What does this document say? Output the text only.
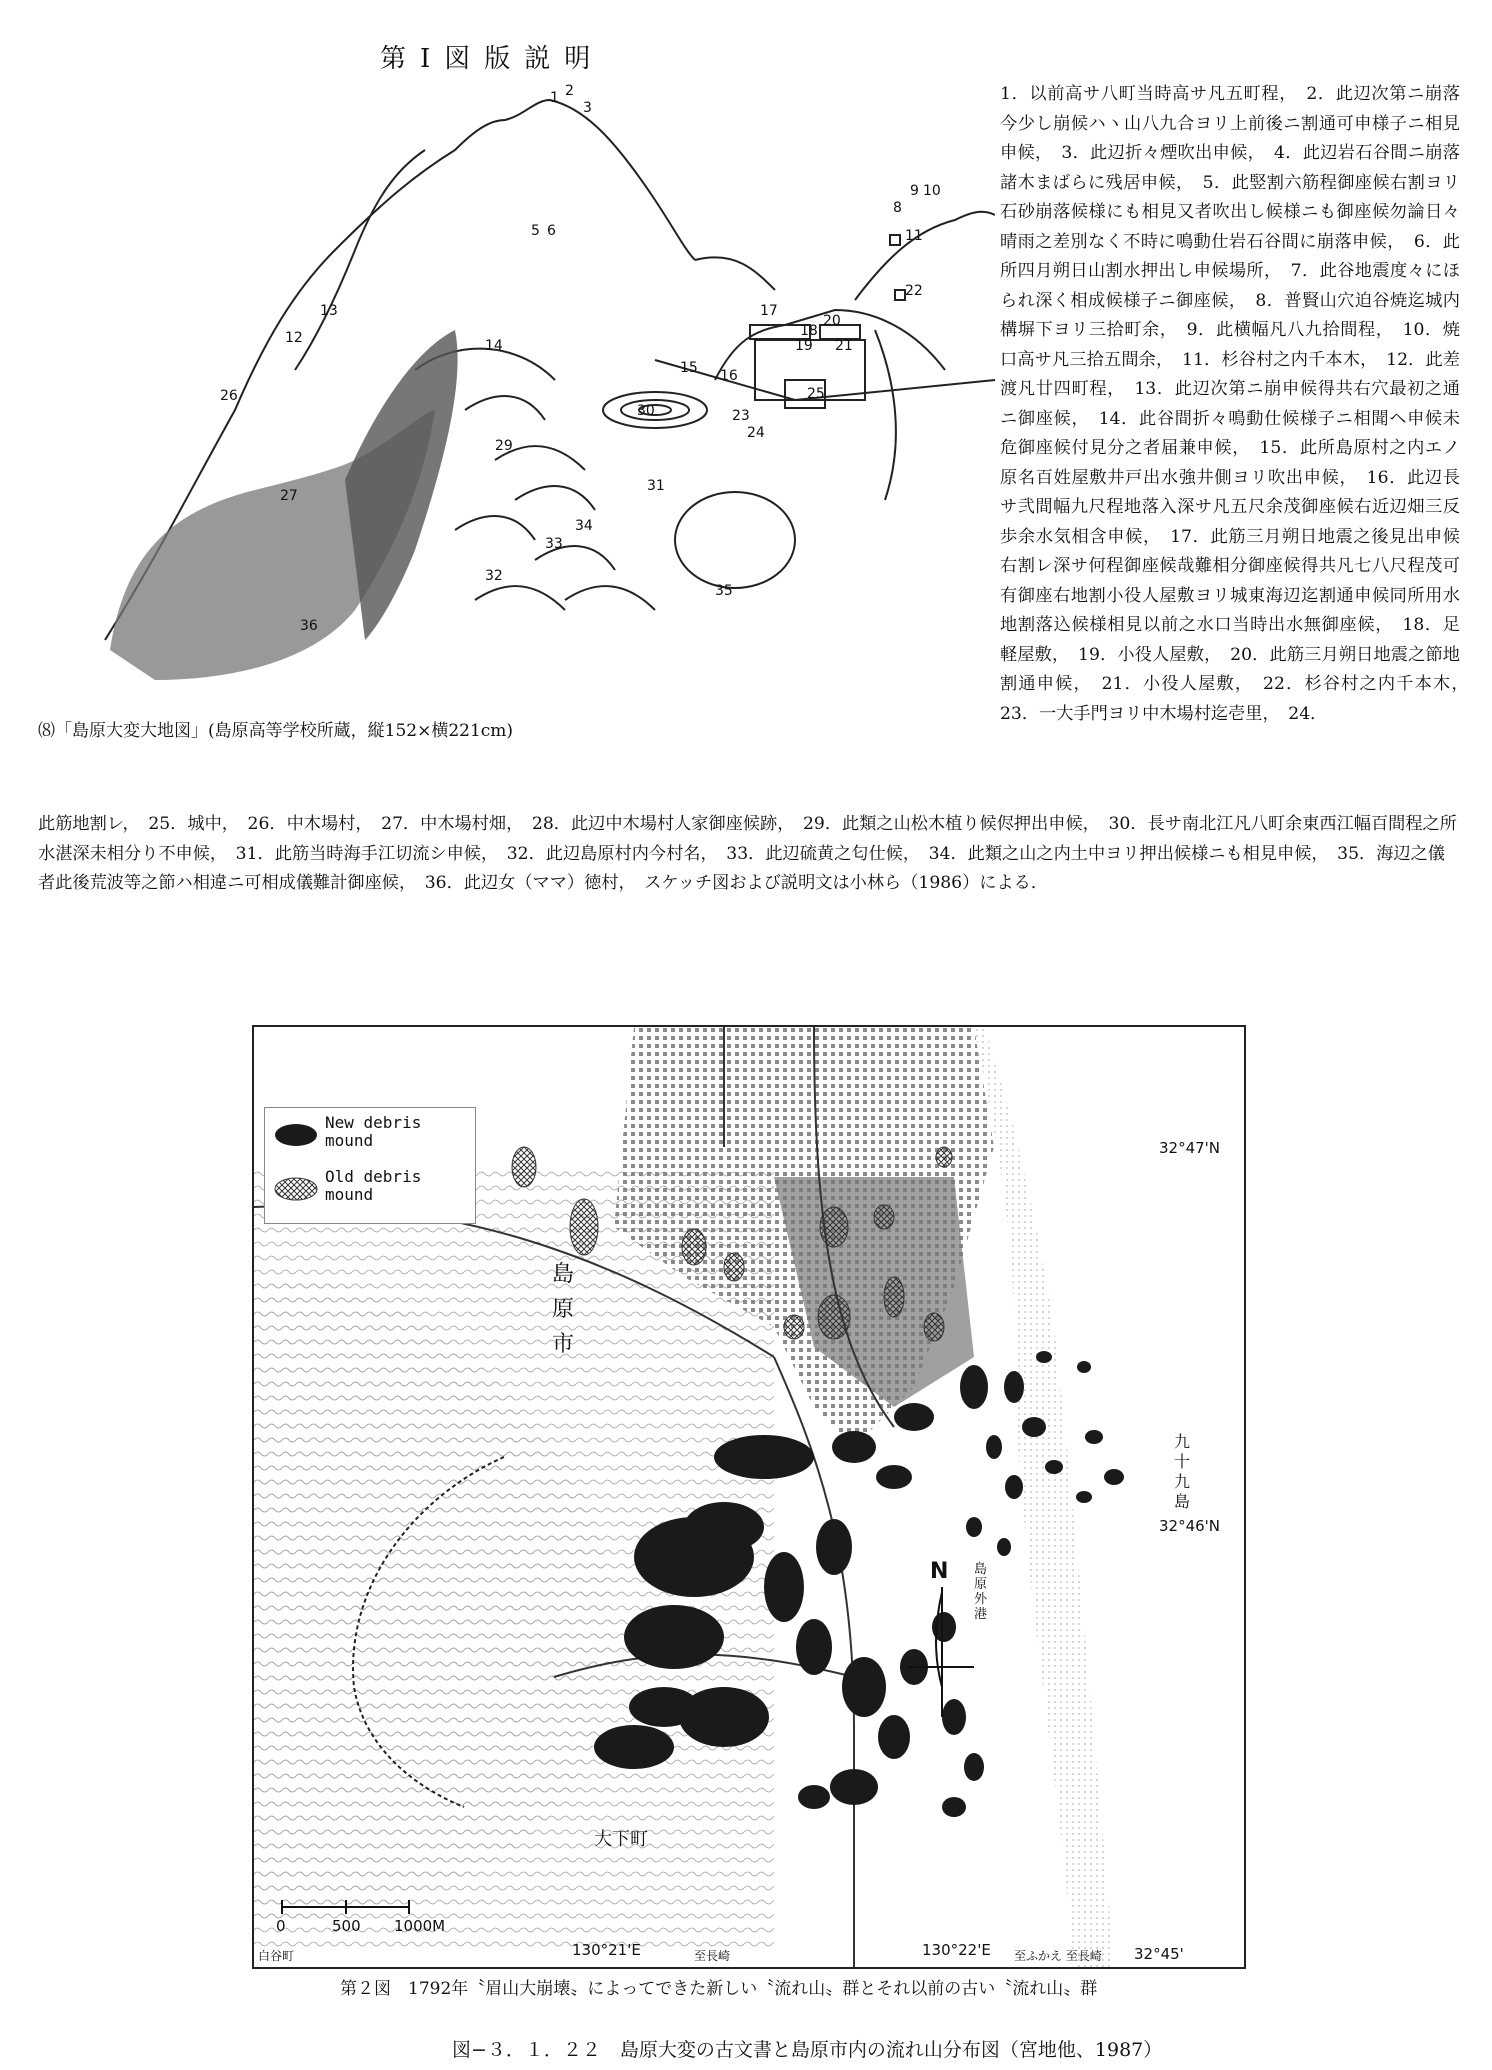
第Ⅰ図版説明
1 2
3
5 6
8
9 10
11
12
13
14
15 16
17
18
19
20
21
22
23
24
25
26
27
29
30
31
32
33
34
35
36
⑻「島原大変大地図」(島原高等学校所蔵，縦152×横221cm)
1．以前高サ八町当時高サ凡五町程，　2．此辺次第ニ崩落今少し崩候ハヽ山八九合ヨリ上前後ニ割通可申様子ニ相見申候，　3．此辺折々煙吹出申候，　4．此辺岩石谷間ニ崩落諸木まばらに残居申候，　5．此竪割六筋程御座候右割ヨリ石砂崩落候様にも相見又者吹出し候様ニも御座候勿論日々晴雨之差別なく不時に鳴動仕岩石谷間に崩落申候，　6．此所四月朔日山割水押出し申候場所，　7．此谷地震度々にほられ深く相成候様子ニ御座候，　8．普賢山穴迫谷焼迄城内構塀下ヨリ三拾町余，　9．此横幅凡八九拾間程，　10．焼口高サ凡三拾五間余，　11．杉谷村之内千本木，　12．此差渡凡廿四町程，　13．此辺次第ニ崩申候得共右穴最初之通ニ御座候，　14．此谷間折々鳴動仕候様子ニ相聞ヘ申候未危御座候付見分之者届兼申候，　15．此所島原村之内エノ原名百姓屋敷井戸出水強井側ヨリ吹出申候，　16．此辺長サ弐間幅九尺程地落入深サ凡五尺余茂御座候右近辺畑三反歩余水気相含申候，　17．此筋三月朔日地震之後見出申候右割レ深サ何程御座候哉難相分御座候得共凡七八尺程茂可有御座右地割小役人屋敷ヨリ城東海辺迄割通申候同所用水地割落込候様相見以前之水口当時出水無御座候，　18．足軽屋敷，　19．小役人屋敷，　20．此筋三月朔日地震之節地割通申候，　21．小役人屋敷，　22．杉谷村之内千本木，　23．一大手門ヨリ中木場村迄壱里，　24．
此筋地割レ，　25．城中，　26．中木場村，　27．中木場村畑，　28．此辺中木場村人家御座候跡，　29．此類之山松木植り候侭押出申候，　30．長サ南北江凡八町余東西江幅百間程之所水湛深未相分り不申候，　31．此筋当時海手江切流シ申候，　32．此辺島原村内今村名，　33．此辺硫黄之匂仕候，　34．此類之山之内土中ヨリ押出候様ニも相見申候，　35．海辺之儀者此後荒波等之節ハ相違ニ可相成儀難計御座候，　36．此辺女（ママ）徳村，　スケッチ図および説明文は小林ら（1986）による．
New debris
mound
Old debris
mound
32°47'N
32°46'N
32°45'
130°21'E	130°22'E
N
0	500 1000M
島
原
市
大下町
九
十
九
島
島原外港
至長崎	至ふかえ 至長崎
白谷町
第２図　1792年〝眉山大崩壊〟によってできた新しい〝流れ山〟群とそれ以前の古い〝流れ山〟群
図−３．１．２２　島原大変の古文書と島原市内の流れ山分布図（宮地他、1987）
